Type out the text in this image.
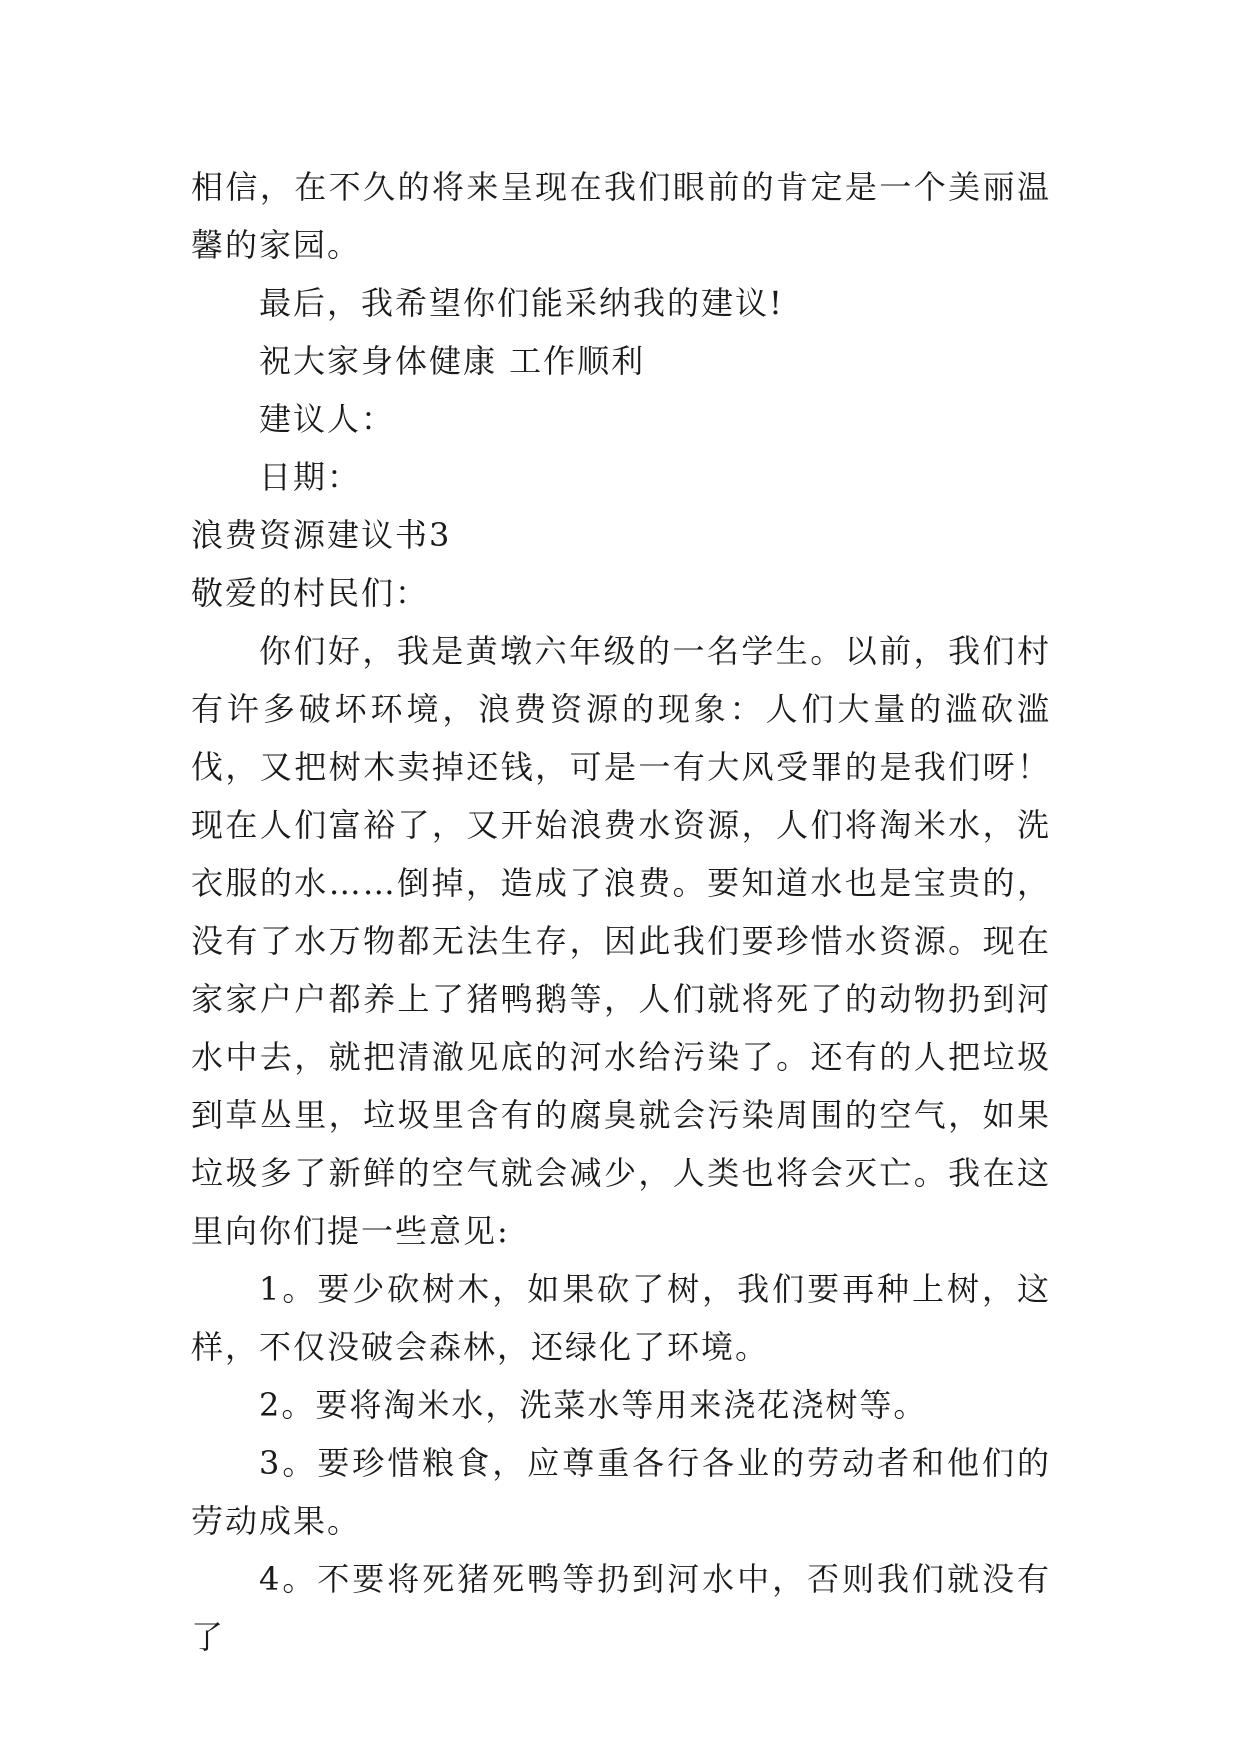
相信，在不久的将来呈现在我们眼前的肯定是一个美丽温馨的家园。

最后，我希望你们能采纳我的建议!

祝大家身体健康 工作顺利

建议人：

日期：

浪费资源建议书3

敬爱的村民们：

你们好，我是黄墩六年级的一名学生。以前，我们村有许多破坏环境，浪费资源的现象：人们大量的滥砍滥伐，又把树木卖掉还钱，可是一有大风受罪的是我们呀！现在人们富裕了，又开始浪费水资源，人们将淘米水，洗衣服的水……倒掉，造成了浪费。要知道水也是宝贵的，没有了水万物都无法生存，因此我们要珍惜水资源。现在家家户户都养上了猪鸭鹅等，人们就将死了的动物扔到河水中去，就把清澈见底的河水给污染了。还有的人把垃圾到草丛里，垃圾里含有的腐臭就会污染周围的空气，如果垃圾多了新鲜的空气就会减少，人类也将会灭亡。我在这里向你们提一些意见:

1。要少砍树木，如果砍了树，我们要再种上树，这样，不仅没破会森林，还绿化了环境。

2。要将淘米水，洗菜水等用来浇花浇树等。

3。要珍惜粮食，应尊重各行各业的劳动者和他们的劳动成果。

4。不要将死猪死鸭等扔到河水中，否则我们就没有了
